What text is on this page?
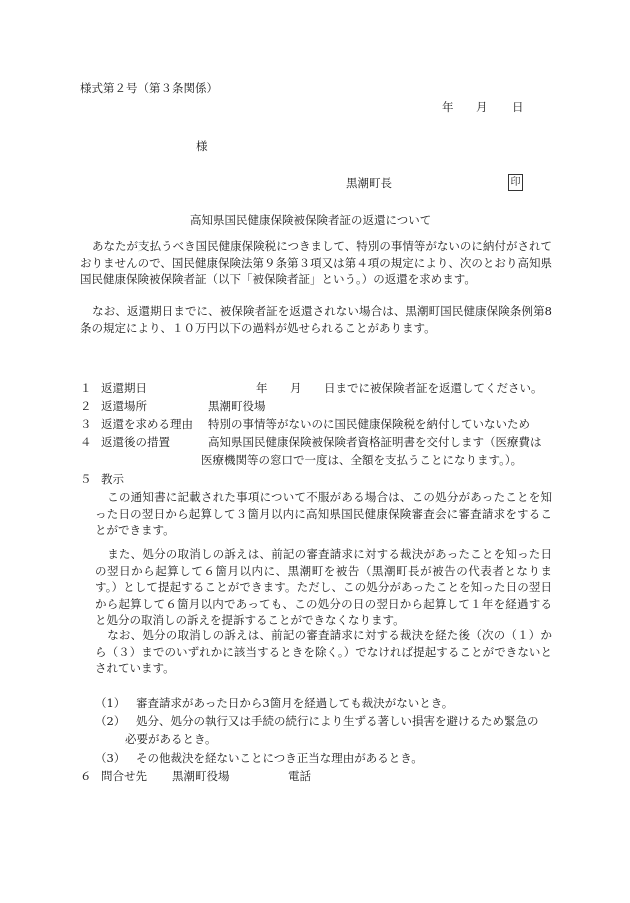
様式第２号（第３条関係）
年 月 日
様
黒潮町長	印
高知県国民健康保険被保険者証の返還について
あなたが支払うべき国民健康保険税につきまして、特別の事情等がないのに納付がされておりませんので、国民健康保険法第９条第３項又は第４項の規定により、次のとおり高知県国民健康保険被保険者証（以下「被保険者証」という。）の返還を求めます。
なお、返還期日までに、被保険者証を返還されない場合は、黒潮町国民健康保険条例第8条の規定により、１０万円以下の過料が処せられることがあります。
１ 返還期日	年 月 日までに被保険者証を返還してください。
２ 返還場所	黒潮町役場
３ 返還を求める理由 特別の事情等がないのに国民健康保険税を納付していないため
４ 返還後の措置	高知県国民健康保険被保険者資格証明書を交付します（医療費は
医療機関等の窓口で一度は、全額を支払うことになります。）。
５ 教示
この通知書に記載された事項について不服がある場合は、この処分があったことを知った日の翌日から起算して３箇月以内に高知県国民健康保険審査会に審査請求をすることができます。
また、処分の取消しの訴えは、前記の審査請求に対する裁決があったことを知った日の翌日から起算して６箇月以内に、黒潮町を被告（黒潮町長が被告の代表者となります。）として提起することができます。ただし、この処分があったことを知った日の翌日から起算して６箇月以内であっても、この処分の日の翌日から起算して１年を経過すると処分の取消しの訴えを提訴することができなくなります。
なお、処分の取消しの訴えは、前記の審査請求に対する裁決を経た後（次の（１）から（３）までのいずれかに該当するときを除く。）でなければ提起することができないとされています。
（1） 審査請求があった日から3箇月を経過しても裁決がないとき。
（2） 処分、処分の執行又は手続の続行により生ずる著しい損害を避けるため緊急の
必要があるとき。
（3） その他裁決を経ないことにつき正当な理由があるとき。
６ 問合せ先 黒潮町役場	電話
